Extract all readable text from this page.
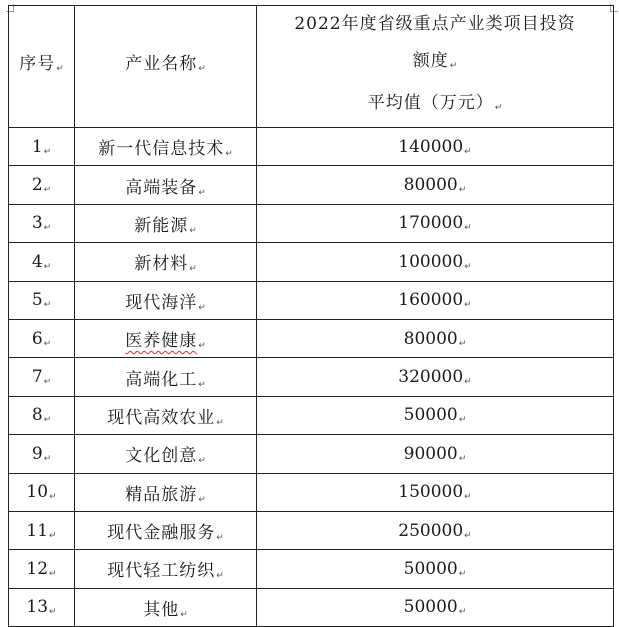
序号↵	产业名称↵	2022年度省级重点产业类项目投资
额度↵
平均值（万元）↵

1↵	新一代信息技术↵	140000↵
2↵	高端装备↵	80000↵
3↵	新能源↵	170000↵
4↵	新材料↵	100000↵
5↵	现代海洋↵	160000↵
6↵	医养健康↵	80000↵
7↵	高端化工↵	320000↵
8↵	现代高效农业↵	50000↵
9↵	文化创意↵	90000↵
10↵	精品旅游↵	150000↵
11↵	现代金融服务↵	250000↵
12↵	现代轻工纺织↵	50000↵
13↵	其他↵	50000↵
